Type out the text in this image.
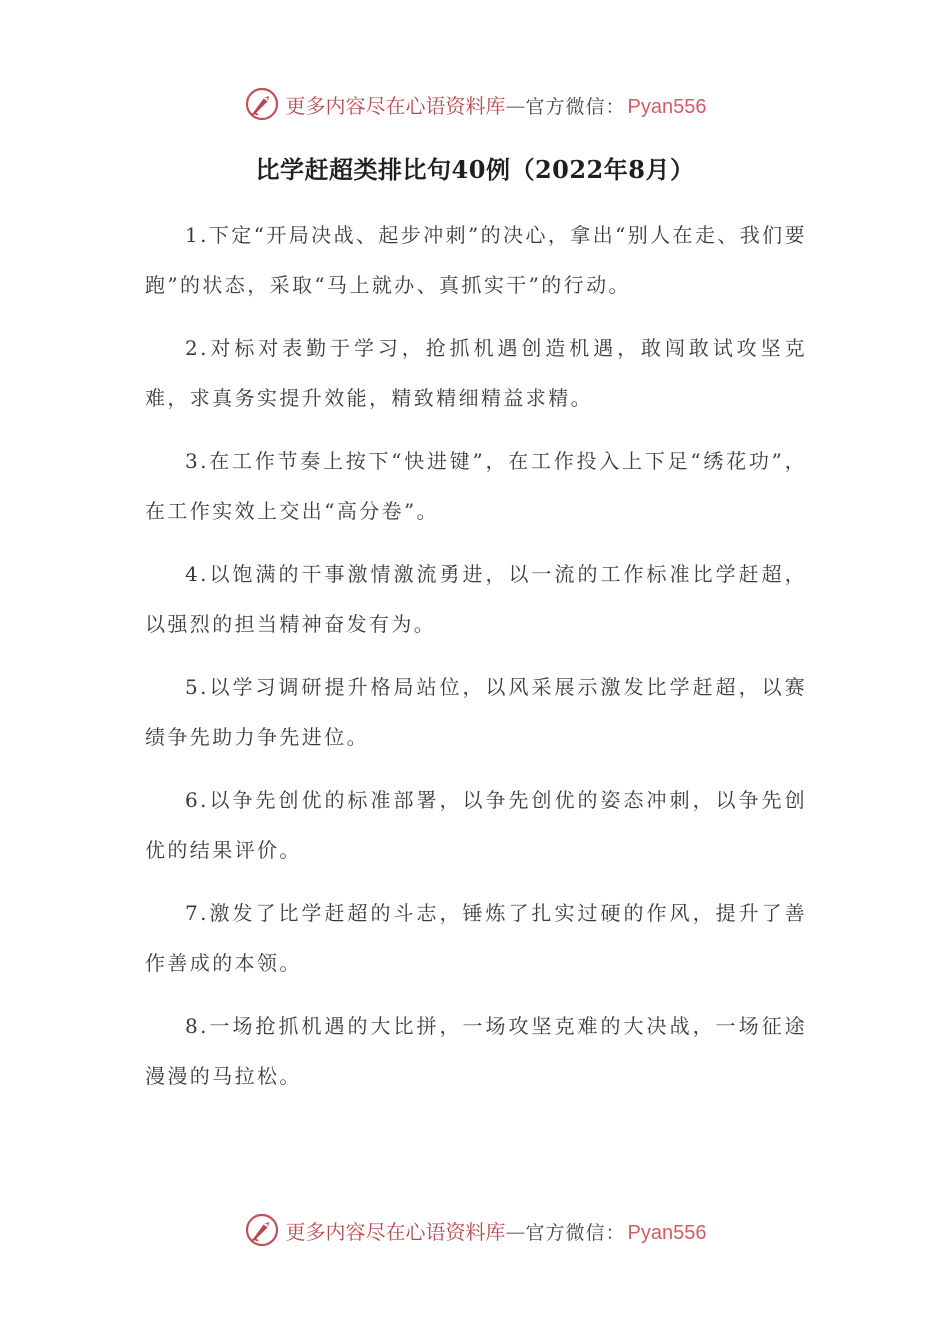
更多内容尽在心语资料库 — 官方微信： Pyan556
比学赶超类排比句40例（2022年8月）

1.下定“开局决战、起步冲刺”的决心，拿出“别人在走、我们要跑”的状态，采取“马上就办、真抓实干”的行动。

2.对标对表勤于学习，抢抓机遇创造机遇，敢闯敢试攻坚克难，求真务实提升效能，精致精细精益求精。

3.在工作节奏上按下“快进键”，在工作投入上下足“绣花功”，在工作实效上交出“高分卷”。

4.以饱满的干事激情激流勇进，以一流的工作标准比学赶超，以强烈的担当精神奋发有为。

5.以学习调研提升格局站位，以风采展示激发比学赶超，以赛绩争先助力争先进位。

6.以争先创优的标准部署，以争先创优的姿态冲刺，以争先创优的结果评价。

7.激发了比学赶超的斗志，锤炼了扎实过硬的作风，提升了善作善成的本领。

8.一场抢抓机遇的大比拼，一场攻坚克难的大决战，一场征途漫漫的马拉松。

更多内容尽在心语资料库 — 官方微信： Pyan556
